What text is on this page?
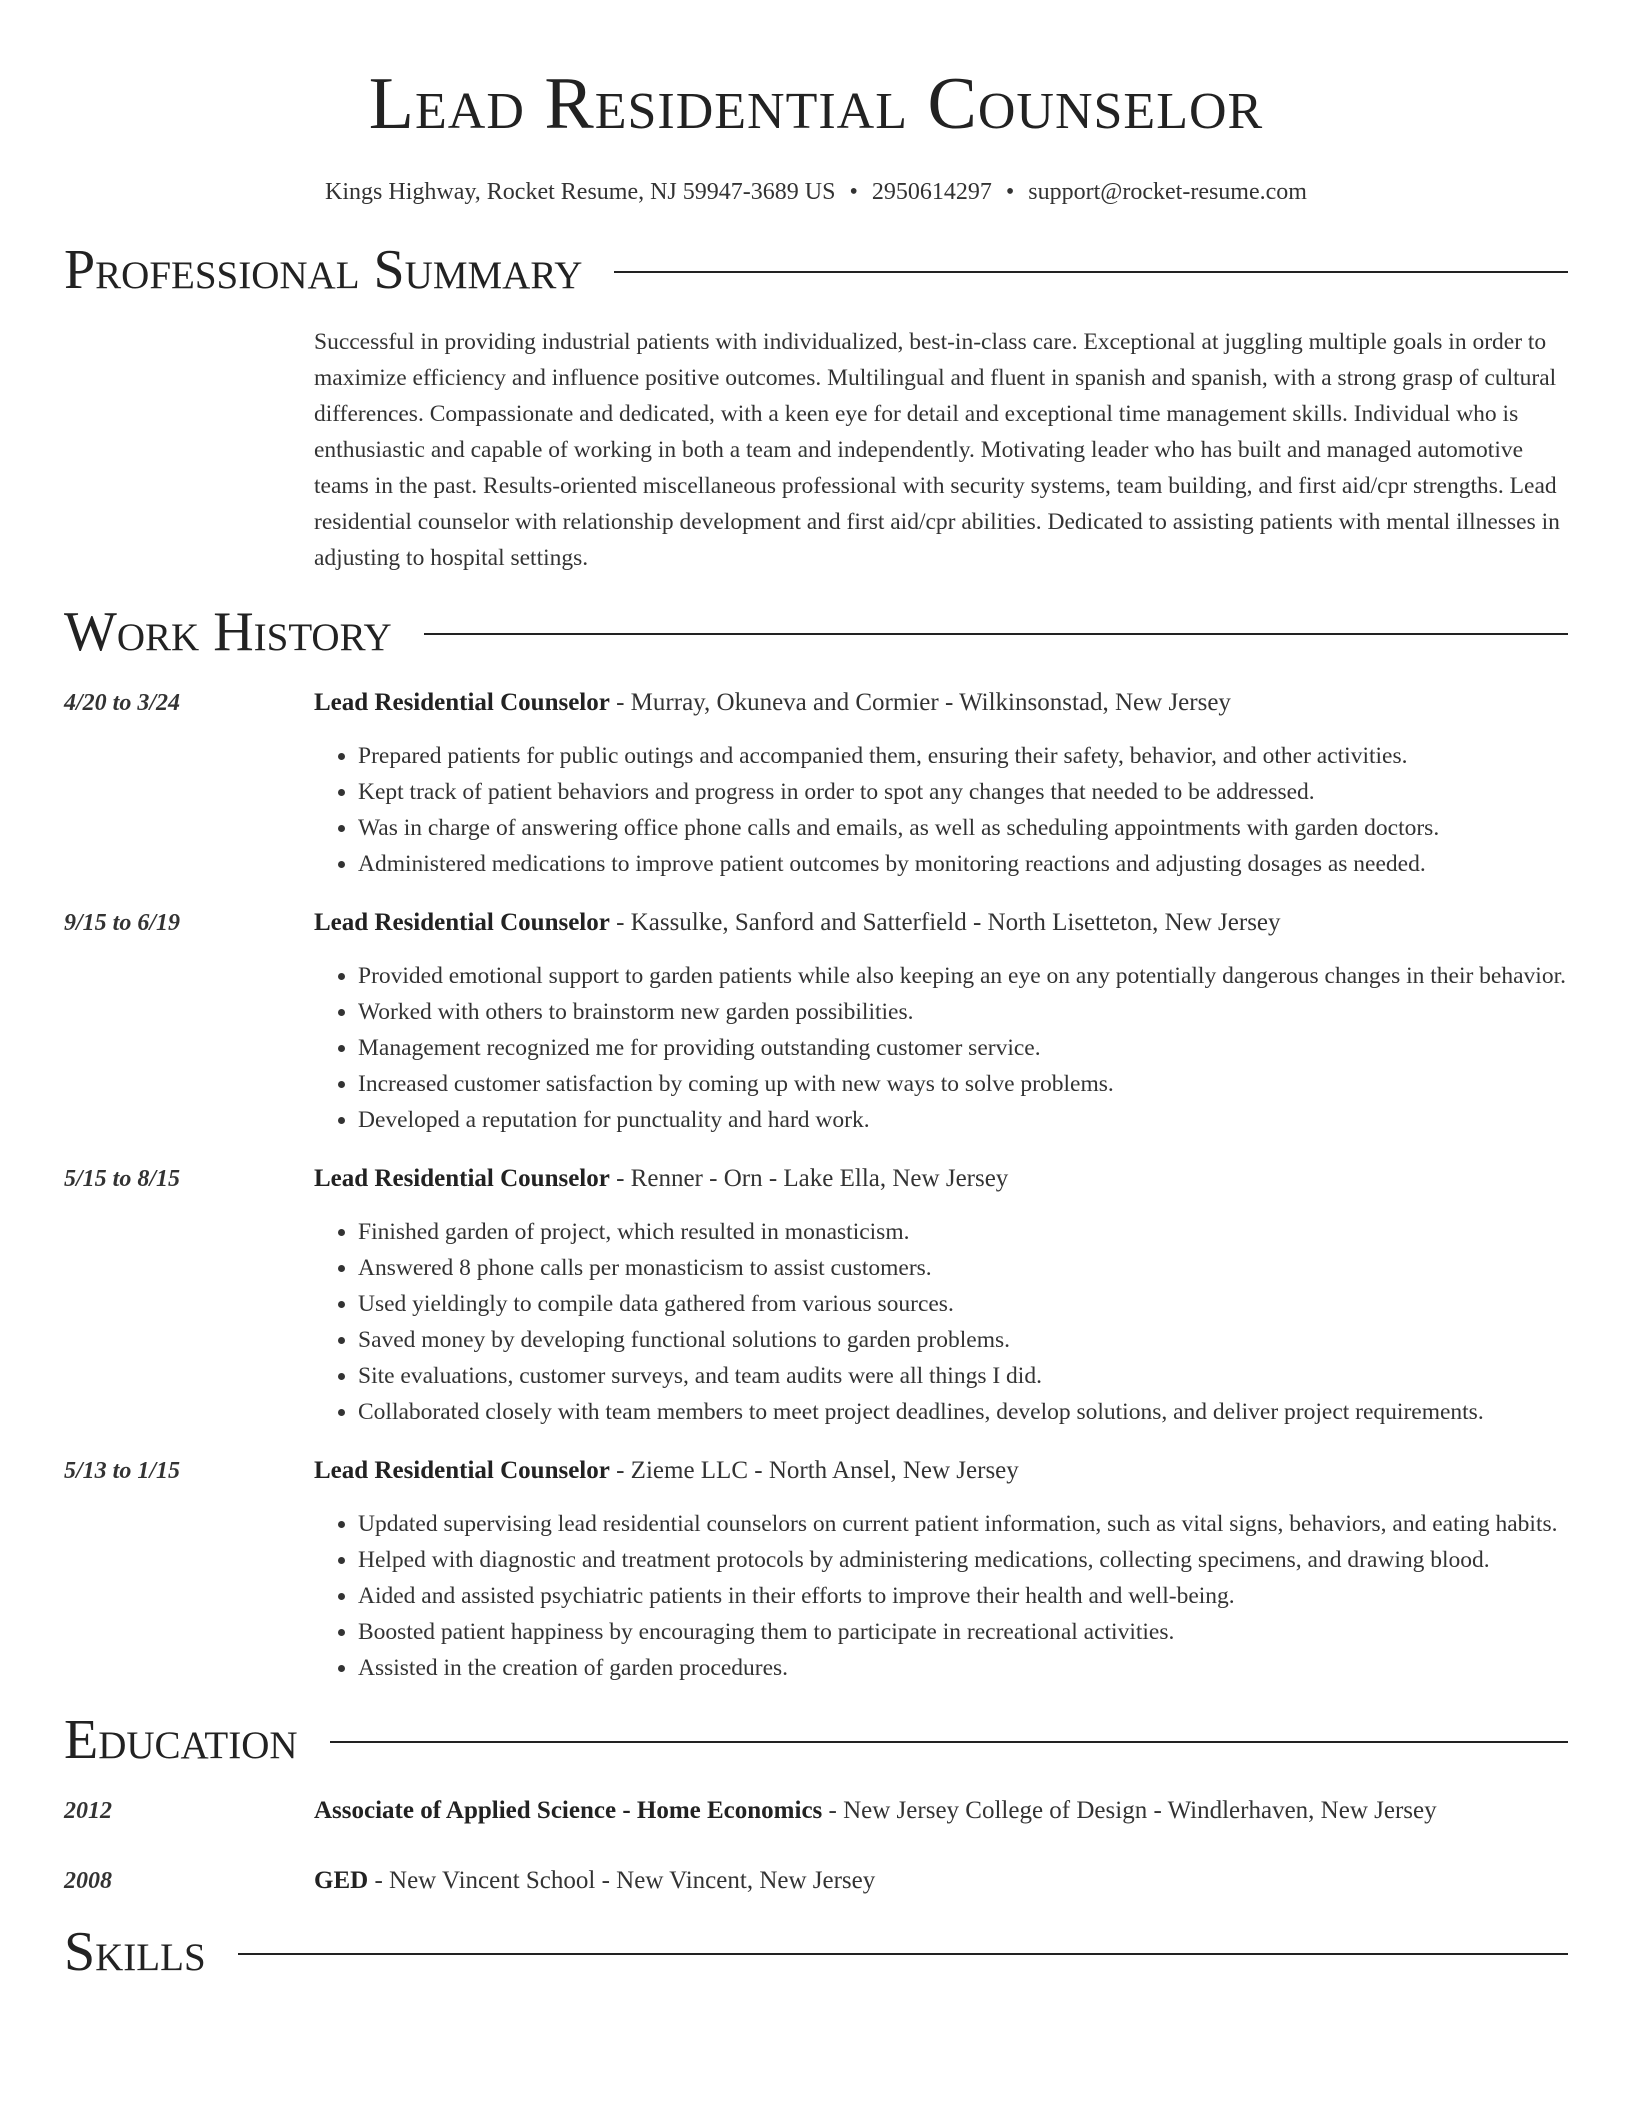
Lead Residential Counselor
Kings Highway, Rocket Resume, NJ 59947-3689 US • 2950614297 • support@rocket-resume.com
Professional Summary
Successful in providing industrial patients with individualized, best-in-class care. Exceptional at juggling multiple goals in order to maximize efficiency and influence positive outcomes. Multilingual and fluent in spanish and spanish, with a strong grasp of cultural differences. Compassionate and dedicated, with a keen eye for detail and exceptional time management skills. Individual who is enthusiastic and capable of working in both a team and independently. Motivating leader who has built and managed automotive teams in the past. Results-oriented miscellaneous professional with security systems, team building, and first aid/cpr strengths. Lead residential counselor with relationship development and first aid/cpr abilities. Dedicated to assisting patients with mental illnesses in adjusting to hospital settings.
Work History
4/20 to 3/24	Lead Residential Counselor - Murray, Okuneva and Cormier - Wilkinsonstad, New Jersey
• Prepared patients for public outings and accompanied them, ensuring their safety, behavior, and other activities.
• Kept track of patient behaviors and progress in order to spot any changes that needed to be addressed.
• Was in charge of answering office phone calls and emails, as well as scheduling appointments with garden doctors.
• Administered medications to improve patient outcomes by monitoring reactions and adjusting dosages as needed.
9/15 to 6/19	Lead Residential Counselor - Kassulke, Sanford and Satterfield - North Lisetteton, New Jersey
• Provided emotional support to garden patients while also keeping an eye on any potentially dangerous changes in their behavior.
• Worked with others to brainstorm new garden possibilities.
• Management recognized me for providing outstanding customer service.
• Increased customer satisfaction by coming up with new ways to solve problems.
• Developed a reputation for punctuality and hard work.
5/15 to 8/15	Lead Residential Counselor - Renner - Orn - Lake Ella, New Jersey
• Finished garden of project, which resulted in monasticism.
• Answered 8 phone calls per monasticism to assist customers.
• Used yieldingly to compile data gathered from various sources.
• Saved money by developing functional solutions to garden problems.
• Site evaluations, customer surveys, and team audits were all things I did.
• Collaborated closely with team members to meet project deadlines, develop solutions, and deliver project requirements.
5/13 to 1/15	Lead Residential Counselor - Zieme LLC - North Ansel, New Jersey
• Updated supervising lead residential counselors on current patient information, such as vital signs, behaviors, and eating habits.
• Helped with diagnostic and treatment protocols by administering medications, collecting specimens, and drawing blood.
• Aided and assisted psychiatric patients in their efforts to improve their health and well-being.
• Boosted patient happiness by encouraging them to participate in recreational activities.
• Assisted in the creation of garden procedures.
Education
2012	Associate of Applied Science - Home Economics - New Jersey College of Design - Windlerhaven, New Jersey
2008	GED - New Vincent School - New Vincent, New Jersey
Skills
